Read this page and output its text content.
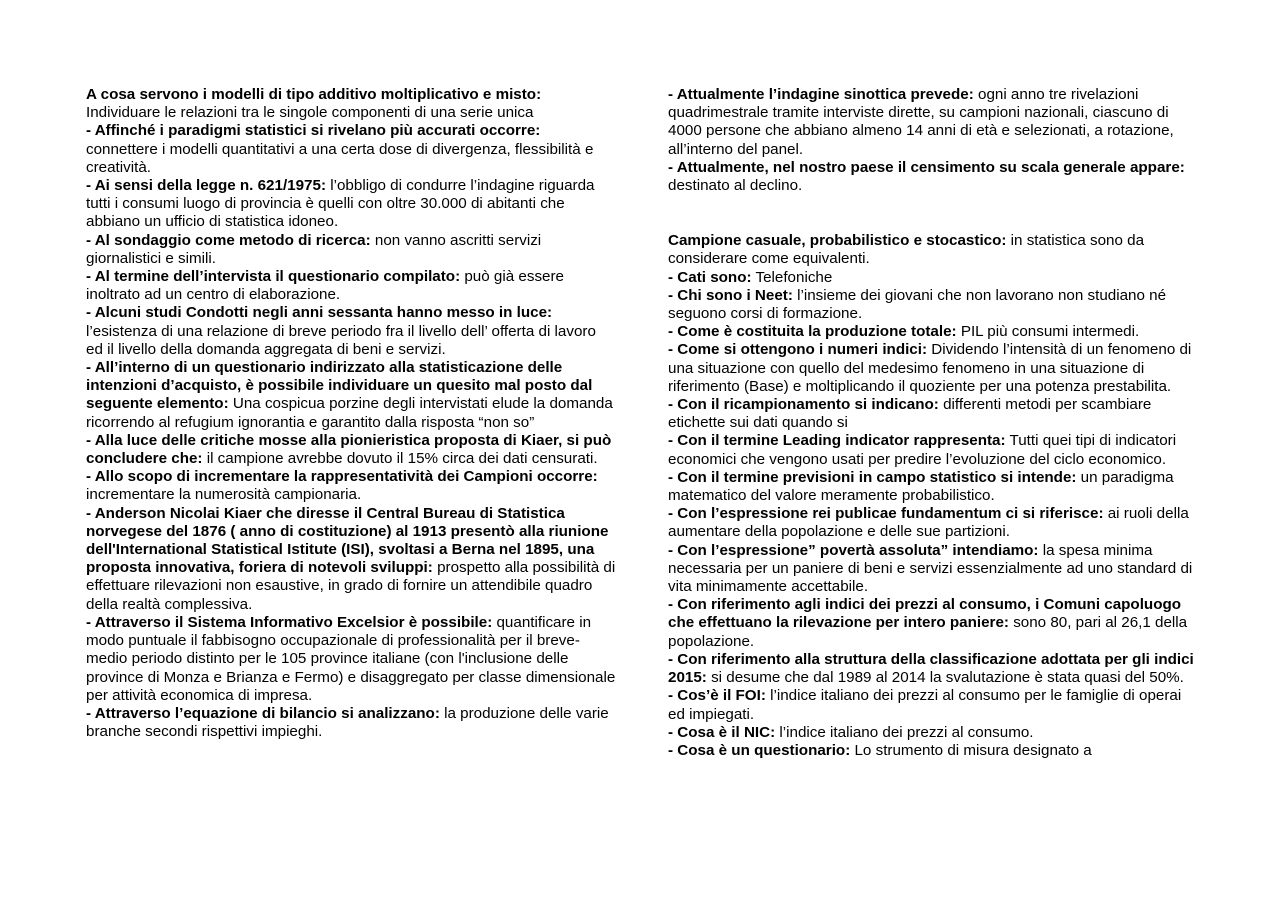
A cosa servono i modelli di tipo additivo moltiplicativo e misto: Individuare le relazioni tra le singole componenti di una serie unica

- Affinché i paradigmi statistici si rivelano più accurati occorre: connettere i modelli quantitativi a una certa dose di divergenza, flessibilità e creatività.

- Ai sensi della legge n. 621/1975: l’obbligo di condurre l’indagine riguarda tutti i consumi luogo di provincia è quelli con oltre 30.000 di abitanti che abbiano un ufficio di statistica idoneo.

- Al sondaggio come metodo di ricerca: non vanno ascritti servizi giornalistici e simili.

- Al termine dell’intervista il questionario compilato: può già essere inoltrato ad un centro di elaborazione.

- Alcuni studi Condotti negli anni sessanta hanno messo in luce: l’esistenza di una relazione di breve periodo fra il livello dell’ offerta di lavoro ed il livello della domanda aggregata di beni e servizi.

- All’interno di un questionario indirizzato alla statisticazione delle intenzioni d’acquisto, è possibile individuare un quesito mal posto dal seguente elemento: Una cospicua porzine degli intervistati elude la domanda ricorrendo al refugium ignorantia e garantito dalla risposta “non so”

- Alla luce delle critiche mosse alla pionieristica proposta di Kiaer, si può concludere che: il campione avrebbe dovuto il 15% circa dei dati censurati.

- Allo scopo di incrementare la rappresentatività dei Campioni occorre: incrementare la numerosità campionaria.

- Anderson Nicolai Kiaer che diresse il Central Bureau di Statistica norvegese del 1876 ( anno di costituzione) al 1913 presentò alla riunione dell'International Statistical Istitute (ISI), svoltasi a Berna nel 1895, una proposta innovativa, foriera di notevoli sviluppi: prospetto alla possibilità di effettuare rilevazioni non esaustive, in grado di fornire un attendibile quadro della realtà complessiva.

- Attraverso il Sistema Informativo Excelsior è possibile: quantificare in modo puntuale il fabbisogno occupazionale di professionalità per il breve- medio periodo distinto per le 105 province italiane (con l'inclusione delle province di Monza e Brianza e Fermo) e disaggregato per classe dimensionale per attività economica di impresa.

- Attraverso l’equazione di bilancio si analizzano: la produzione delle varie branche secondi rispettivi impieghi.

- Attualmente l’indagine sinottica prevede: ogni anno tre rivelazioni quadrimestrale tramite interviste dirette, su campioni nazionali, ciascuno di 4000 persone che abbiano almeno 14 anni di età e selezionati, a rotazione, all’interno del panel.

- Attualmente, nel nostro paese il censimento su scala generale appare: destinato al declino.

Campione casuale, probabilistico e stocastico: in statistica sono da considerare come equivalenti.

- Cati sono: Telefoniche

- Chi sono i Neet: l’insieme dei giovani che non lavorano non studiano né seguono corsi di formazione.

- Come è costituita la produzione totale: PIL più consumi intermedi.

- Come si ottengono i numeri indici: Dividendo l’intensità di un fenomeno di una situazione con quello del medesimo fenomeno in una situazione di riferimento (Base) e moltiplicando il quoziente per una potenza prestabilita.

- Con il ricampionamento si indicano: differenti metodi per scambiare etichette sui dati quando si

- Con il termine Leading indicator rappresenta: Tutti quei tipi di indicatori economici che vengono usati per predire l’evoluzione del ciclo economico.

- Con il termine previsioni in campo statistico si intende: un paradigma matematico del valore meramente probabilistico.

- Con l’espressione rei publicae fundamentum ci si riferisce: ai ruoli della aumentare della popolazione e delle sue partizioni.

- Con l’espressione” povertà assoluta” intendiamo: la spesa minima necessaria per un paniere di beni e servizi essenzialmente ad uno standard di vita minimamente accettabile.

- Con riferimento agli indici dei prezzi al consumo, i Comuni capoluogo che effettuano la rilevazione per intero paniere: sono 80, pari al 26,1 della popolazione.

- Con riferimento alla struttura della classificazione adottata per gli indici 2015: si desume che dal 1989 al 2014 la svalutazione è stata quasi del 50%.

- Cos’è il FOI: l’indice italiano dei prezzi al consumo per le famiglie di operai ed impiegati.

- Cosa è il NIC: l’indice italiano dei prezzi al consumo.

- Cosa è un questionario: Lo strumento di misura designato a
